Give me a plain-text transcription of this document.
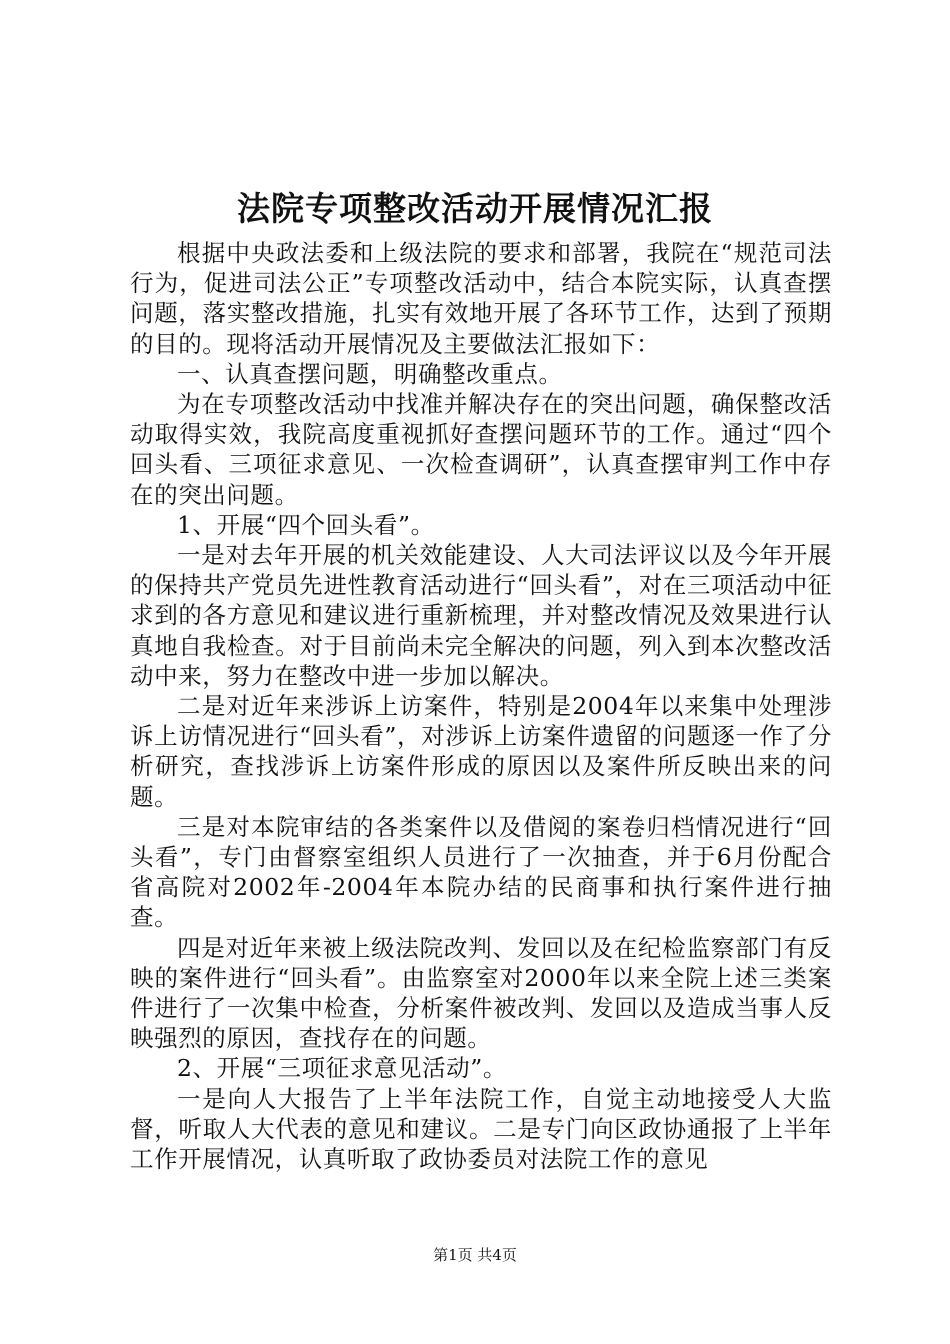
法院专项整改活动开展情况汇报

根据中央政法委和上级法院的要求和部署，我院在“规范司法行为，促进司法公正”专项整改活动中，结合本院实际，认真查摆问题，落实整改措施，扎实有效地开展了各环节工作，达到了预期的目的。现将活动开展情况及主要做法汇报如下：

一、认真查摆问题，明确整改重点。

为在专项整改活动中找准并解决存在的突出问题，确保整改活动取得实效，我院高度重视抓好查摆问题环节的工作。通过“四个回头看、三项征求意见、一次检查调研”，认真查摆审判工作中存在的突出问题。

1、开展“四个回头看”。

一是对去年开展的机关效能建设、人大司法评议以及今年开展的保持共产党员先进性教育活动进行“回头看”，对在三项活动中征求到的各方意见和建议进行重新梳理，并对整改情况及效果进行认真地自我检查。对于目前尚未完全解决的问题，列入到本次整改活动中来，努力在整改中进一步加以解决。

二是对近年来涉诉上访案件，特别是2004年以来集中处理涉诉上访情况进行“回头看”，对涉诉上访案件遗留的问题逐一作了分析研究，查找涉诉上访案件形成的原因以及案件所反映出来的问题。

三是对本院审结的各类案件以及借阅的案卷归档情况进行“回头看”，专门由督察室组织人员进行了一次抽查，并于6月份配合省高院对2002年-2004年本院办结的民商事和执行案件进行抽查。

四是对近年来被上级法院改判、发回以及在纪检监察部门有反映的案件进行“回头看”。由监察室对2000年以来全院上述三类案件进行了一次集中检查，分析案件被改判、发回以及造成当事人反映强烈的原因，查找存在的问题。

2、开展“三项征求意见活动”。

一是向人大报告了上半年法院工作，自觉主动地接受人大监督，听取人大代表的意见和建议。二是专门向区政协通报了上半年工作开展情况，认真听取了政协委员对法院工作的意见

第1页 共4页
